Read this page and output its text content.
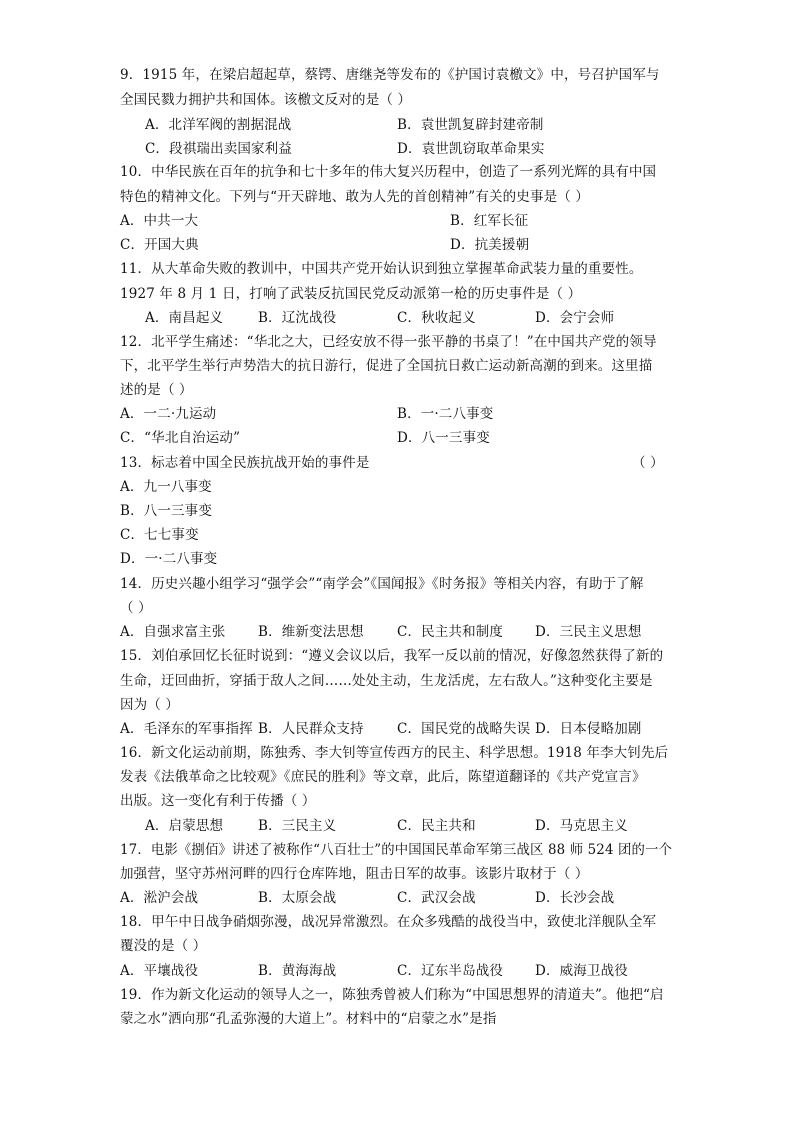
9．1915 年，在梁启超起草，蔡锷、唐继尧等发布的《护国讨袁檄文》中，号召护国军与
全国民戮力拥护共和国体。该檄文反对的是（ ）
A．北洋军阀的割据混战	B．袁世凯复辟封建帝制
C．段祺瑞出卖国家利益	D．袁世凯窃取革命果实
10．中华民族在百年的抗争和七十多年的伟大复兴历程中，创造了一系列光辉的具有中国
特色的精神文化。下列与“开天辟地、敢为人先的首创精神”有关的史事是（ ）
A．中共一大	B．红军长征
C．开国大典	D．抗美援朝
11．从大革命失败的教训中，中国共产党开始认识到独立掌握革命武装力量的重要性。
1927 年 8 月 1 日，打响了武装反抗国民党反动派第一枪的历史事件是（ ）
A．南昌起义	B．辽沈战役	C．秋收起义	D．会宁会师
12．北平学生痛述：“华北之大，已经安放不得一张平静的书桌了！”在中国共产党的领导
下，北平学生举行声势浩大的抗日游行，促进了全国抗日救亡运动新高潮的到来。这里描
述的是（ ）
A．一二·九运动	B．一·二八事变
C．“华北自治运动”	D．八一三事变
13．标志着中国全民族抗战开始的事件是	（ ）
A．九一八事变
B．八一三事变
C．七七事变
D．一·二八事变
14．历史兴趣小组学习“强学会”“南学会”《国闻报》《时务报》等相关内容，有助于了解
（ ）
A．自强求富主张 B．维新变法思想 C．民主共和制度 D．三民主义思想
15．刘伯承回忆长征时说到：“遵义会议以后，我军一反以前的情况，好像忽然获得了新的
生命，迂回曲折，穿插于敌人之间……处处主动，生龙活虎，左右敌人。”这种变化主要是
因为（ ）
A．毛泽东的军事指挥 B．人民群众支持 C．国民党的战略失误 D．日本侵略加剧
16．新文化运动前期，陈独秀、李大钊等宣传西方的民主、科学思想。1918 年李大钊先后
发表《法俄革命之比较观》《庶民的胜利》等文章，此后，陈望道翻译的《共产党宣言》
出版。这一变化有利于传播（ ）
A．启蒙思想	B．三民主义	C．民主共和	D．马克思主义
17．电影《捌佰》讲述了被称作“八百壮士”的中国国民革命军第三战区 88 师 524 团的一个
加强营，坚守苏州河畔的四行仓库阵地，阻击日军的故事。该影片取材于（ ）
A．淞沪会战	B．太原会战	C．武汉会战	D．长沙会战
18．甲午中日战争硝烟弥漫，战况异常激烈。在众多残酷的战役当中，致使北洋舰队全军
覆没的是（ ）
A．平壤战役	B．黄海海战	C．辽东半岛战役 D．威海卫战役
19．作为新文化运动的领导人之一，陈独秀曾被人们称为“中国思想界的清道夫”。他把“启
蒙之水”洒向那“孔孟弥漫的大道上”。材料中的“启蒙之水”是指
